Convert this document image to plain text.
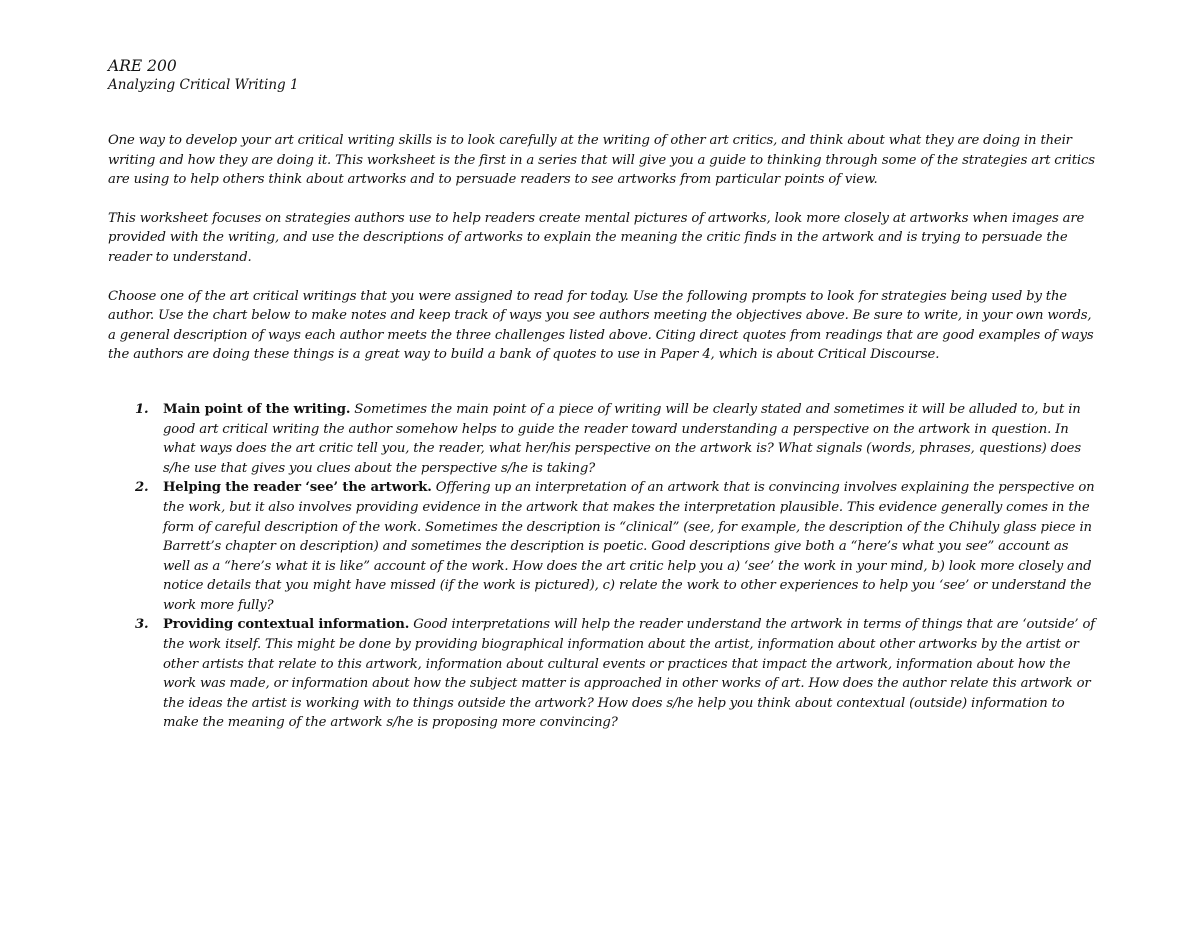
ARE 200

Analyzing Critical Writing 1

One way to develop your art critical writing skills is to look carefully at the writing of other art critics, and think about what they are doing in their writing and how they are doing it. This worksheet is the first in a series that will give you a guide to thinking through some of the strategies art critics are using to help others think about artworks and to persuade readers to see artworks from particular points of view.

This worksheet focuses on strategies authors use to help readers create mental pictures of artworks, look more closely at artworks when images are provided with the writing, and use the descriptions of artworks to explain the meaning the critic finds in the artwork and is trying to persuade the reader to understand.

Choose one of the art critical writings that you were assigned to read for today. Use the following prompts to look for strategies being used by the author. Use the chart below to make notes and keep track of ways you see authors meeting the objectives above. Be sure to write, in your own words, a general description of ways each author meets the three challenges listed above. Citing direct quotes from readings that are good examples of ways the authors are doing these things is a great way to build a bank of quotes to use in Paper 4, which is about Critical Discourse.

1. Main point of the writing. Sometimes the main point of a piece of writing will be clearly stated and sometimes it will be alluded to, but in good art critical writing the author somehow helps to guide the reader toward understanding a perspective on the artwork in question. In what ways does the art critic tell you, the reader, what her/his perspective on the artwork is? What signals (words, phrases, questions) does s/he use that gives you clues about the perspective s/he is taking?
2. Helping the reader ‘see’ the artwork. Offering up an interpretation of an artwork that is convincing involves explaining the perspective on the work, but it also involves providing evidence in the artwork that makes the interpretation plausible. This evidence generally comes in the form of careful description of the work. Sometimes the description is “clinical” (see, for example, the description of the Chihuly glass piece in Barrett’s chapter on description) and sometimes the description is poetic. Good descriptions give both a “here’s what you see” account as well as a “here’s what it is like” account of the work. How does the art critic help you a) ‘see’ the work in your mind, b) look more closely and notice details that you might have missed (if the work is pictured), c) relate the work to other experiences to help you ‘see’ or understand the work more fully?
3. Providing contextual information. Good interpretations will help the reader understand the artwork in terms of things that are ‘outside’ of the work itself. This might be done by providing biographical information about the artist, information about other artworks by the artist or other artists that relate to this artwork, information about cultural events or practices that impact the artwork, information about how the work was made, or information about how the subject matter is approached in other works of art. How does the author relate this artwork or the ideas the artist is working with to things outside the artwork? How does s/he help you think about contextual (outside) information to make the meaning of the artwork s/he is proposing more convincing?
